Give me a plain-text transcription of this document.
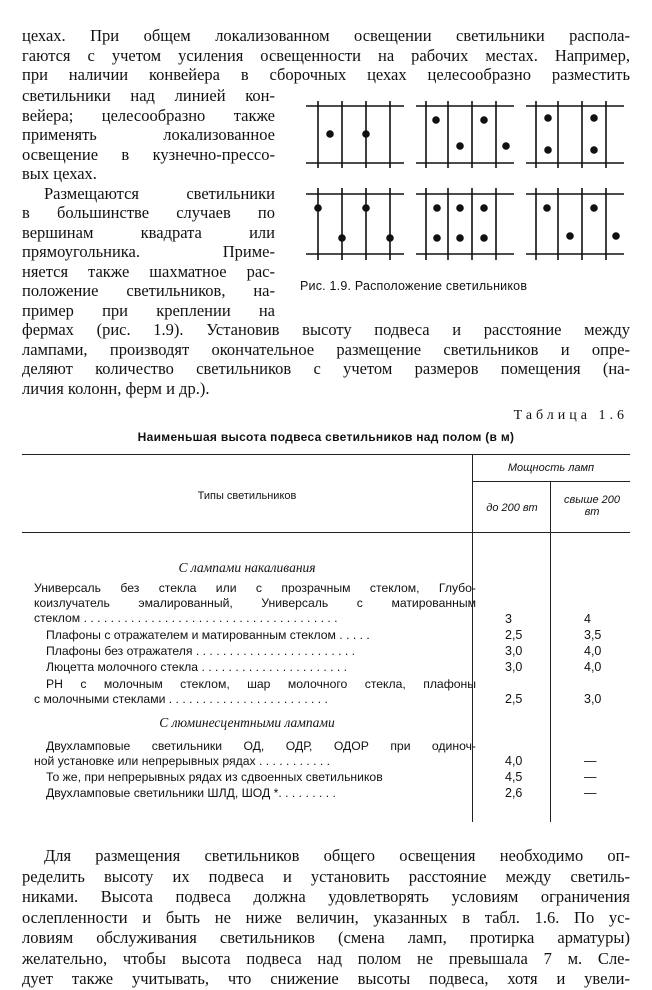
цехах. При общем локализованном освещении светильники распола-
гаются с учетом усиления освещенности на рабочих местах. Например,
при наличии конвейера в сборочных цехах целесообразно разместить
светильники над линией кон-
вейера; целесообразно также
применять локализованное
освещение в кузнечно-прессо-
вых цехах.
Размещаются светильники
в большинстве случаев по
вершинам квадрата или
прямоугольника. Приме-
няется также шахматное рас-
положение светильников, на-
пример при креплении на
Рис. 1.9. Расположение светильников
фермах (рис. 1.9). Установив высоту подвеса и расстояние между
лампами, производят окончательное размещение светильников и опре-
деляют количество светильников с учетом размеров помещения (на-
личия колонн, ферм и др.).
Таблица 1.6
Наименьшая высота подвеса светильников над полом (в м)
Типы светильников
Мощность ламп
до 200 вт
свыше 200 вт
С лампами накаливания
Универсаль без стекла или с прозрачным стеклом, Глубо-
коизлучатель эмалированный, Универсаль с матированным
стеклом . . . . . . . . . . . . . . . . . . . . . . . . . . . . . . . . . . . . . .	3	4
Плафоны с отражателем и матированным стеклом . . . . .	2,5	3,5
Плафоны без отражателя . . . . . . . . . . . . . . . . . . . . . . . .	3,0	4,0
Люцетта молочного стекла . . . . . . . . . . . . . . . . . . . . . .	3,0	4,0
РН с молочным стеклом, шар молочного стекла, плафоны
с молочными стеклами . . . . . . . . . . . . . . . . . . . . . . . .	2,5	3,0
С люминесцентными лампами
Двухламповые светильники ОД, ОДР, ОДОР при одиноч-
ной установке или непрерывных рядах . . . . . . . . . . .	4,0	—
То же, при непрерывных рядах из сдвоенных светильников	4,5	—
Двухламповые светильники ШЛД, ШОД *. . . . . . . . .	2,6	—
Для размещения светильников общего освещения необходимо оп-
ределить высоту их подвеса и установить расстояние между светиль-
никами. Высота подвеса должна удовлетворять условиям ограничения
ослепленности и быть не ниже величин, указанных в табл. 1.6. По ус-
ловиям обслуживания светильников (смена ламп, протирка арматуры)
желательно, чтобы высота подвеса над полом не превышала 7 м. Сле-
дует также учитывать, что снижение высоты подвеса, хотя и увели-
